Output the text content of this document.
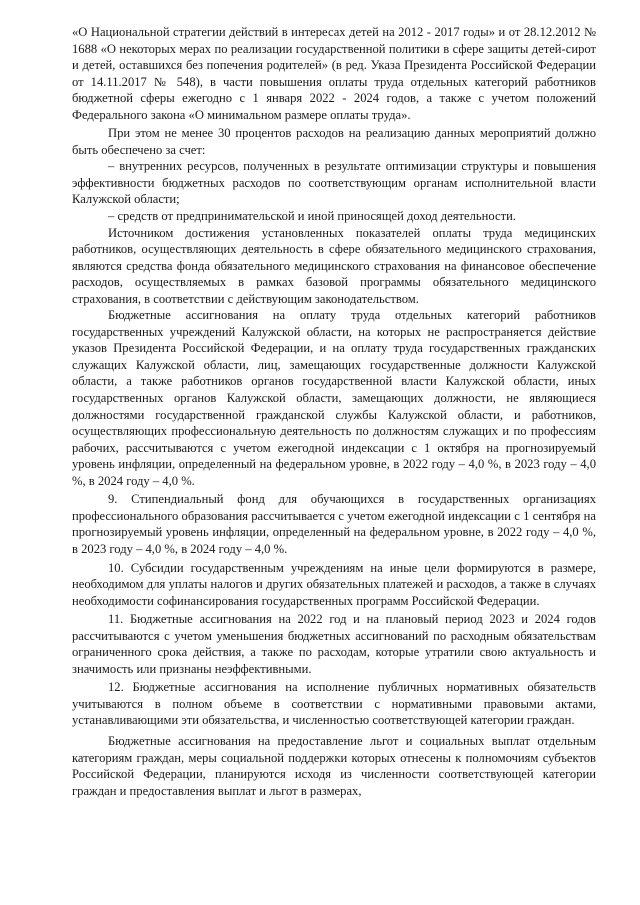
«О Национальной стратегии действий в интересах детей на 2012 - 2017 годы» и от 28.12.2012 № 1688 «О некоторых мерах по реализации государственной политики в сфере защиты детей-сирот и детей, оставшихся без попечения родителей» (в ред. Указа Президента Российской Федерации от 14.11.2017 № 548), в части повышения оплаты труда отдельных категорий работников бюджетной сферы ежегодно с 1 января 2022 - 2024 годов, а также с учетом положений Федерального закона «О минимальном размере оплаты труда».

При этом не менее 30 процентов расходов на реализацию данных мероприятий должно быть обеспечено за счет:

– внутренних ресурсов, полученных в результате оптимизации структуры и повышения эффективности бюджетных расходов по соответствующим органам исполнительной власти Калужской области;

– средств от предпринимательской и иной приносящей доход деятельности.

Источником достижения установленных показателей оплаты труда медицинских работников, осуществляющих деятельность в сфере обязательного медицинского страхования, являются средства фонда обязательного медицинского страхования на финансовое обеспечение расходов, осуществляемых в рамках базовой программы обязательного медицинского страхования, в соответствии с действующим законодательством.

Бюджетные ассигнования на оплату труда отдельных категорий работников государственных учреждений Калужской области, на которых не распространяется действие указов Президента Российской Федерации, и на оплату труда государственных гражданских служащих Калужской области, лиц, замещающих государственные должности Калужской области, а также работников органов государственной власти Калужской области, иных государственных органов Калужской области, замещающих должности, не являющиеся должностями государственной гражданской службы Калужской области, и работников, осуществляющих профессиональную деятельность по должностям служащих и по профессиям рабочих, рассчитываются с учетом ежегодной индексации с 1 октября на прогнозируемый уровень инфляции, определенный на федеральном уровне, в 2022 году – 4,0 %, в 2023 году – 4,0 %, в 2024 году – 4,0 %.

9. Стипендиальный фонд для обучающихся в государственных организациях профессионального образования рассчитывается с учетом ежегодной индексации с 1 сентября на прогнозируемый уровень инфляции, определенный на федеральном уровне, в 2022 году – 4,0 %, в 2023 году – 4,0 %, в 2024 году – 4,0 %.

10. Субсидии государственным учреждениям на иные цели формируются в размере, необходимом для уплаты налогов и других обязательных платежей и расходов, а также в случаях необходимости софинансирования государственных программ Российской Федерации.

11. Бюджетные ассигнования на 2022 год и на плановый период 2023 и 2024 годов рассчитываются с учетом уменьшения бюджетных ассигнований по расходным обязательствам ограниченного срока действия, а также по расходам, которые утратили свою актуальность и значимость или признаны неэффективными.

12. Бюджетные ассигнования на исполнение публичных нормативных обязательств учитываются в полном объеме в соответствии с нормативными правовыми актами, устанавливающими эти обязательства, и численностью соответствующей категории граждан.

Бюджетные ассигнования на предоставление льгот и социальных выплат отдельным категориям граждан, меры социальной поддержки которых отнесены к полномочиям субъектов Российской Федерации, планируются исходя из численности соответствующей категории граждан и предоставления выплат и льгот в размерах,
